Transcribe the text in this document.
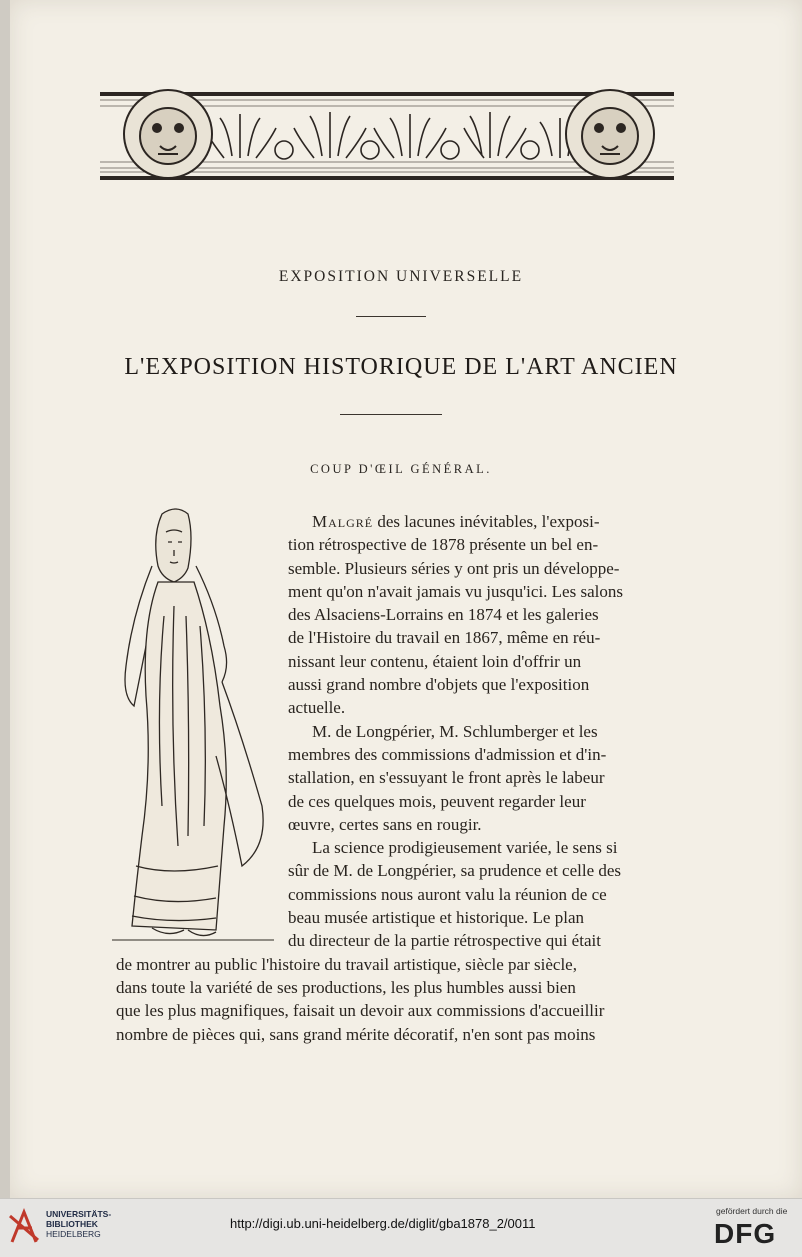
EXPOSITION UNIVERSELLE
L'EXPOSITION HISTORIQUE DE L'ART ANCIEN
COUP D'ŒIL GÉNÉRAL.

Malgré des lacunes inévitables, l'exposi-
tion rétrospective de 1878 présente un bel en-
semble. Plusieurs séries y ont pris un développe-
ment qu'on n'avait jamais vu jusqu'ici. Les salons
des Alsaciens-Lorrains en 1874 et les galeries
de l'Histoire du travail en 1867, même en réu-
nissant leur contenu, étaient loin d'offrir un
aussi grand nombre d'objets que l'exposition
actuelle.

M. de Longpérier, M. Schlumberger et les
membres des commissions d'admission et d'in-
stallation, en s'essuyant le front après le labeur
de ces quelques mois, peuvent regarder leur
œuvre, certes sans en rougir.

La science prodigieusement variée, le sens si
sûr de M. de Longpérier, sa prudence et celle des
commissions nous auront valu la réunion de ce
beau musée artistique et historique. Le plan
du directeur de la partie rétrospective qui était

de montrer au public l'histoire du travail artistique, siècle par siècle,
dans toute la variété de ses productions, les plus humbles aussi bien
que les plus magnifiques, faisait un devoir aux commissions d'accueillir
nombre de pièces qui, sans grand mérite décoratif, n'en sont pas moins

UNIVERSITÄTS-
BIBLIOTHEK
HEIDELBERG
http://digi.ub.uni-heidelberg.de/diglit/gba1878_2/0011
gefördert durch die
DFG
